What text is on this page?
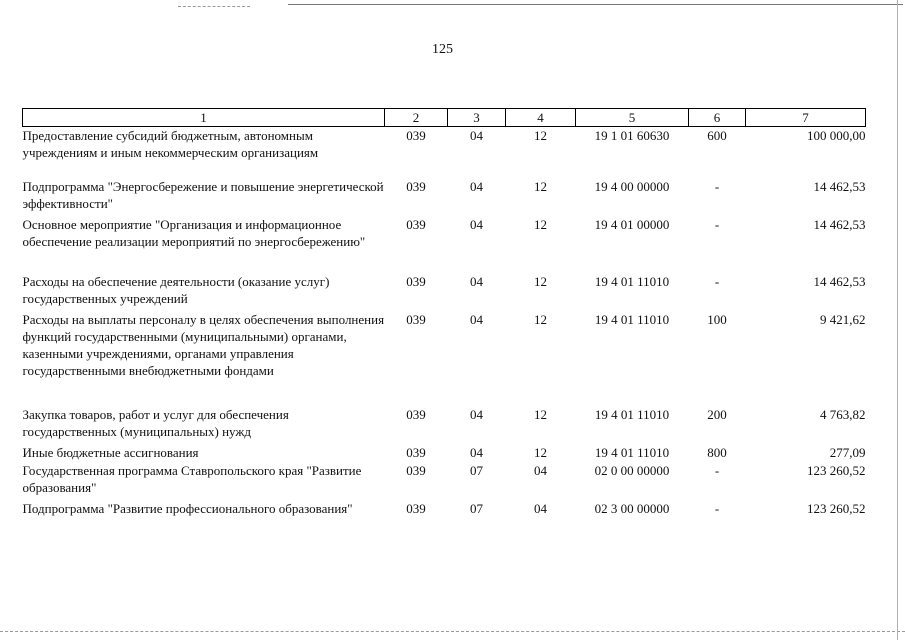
125
1	2	3	4	5	6	7
Предоставление субсидий бюджетным, автономным учреждениям и иным некоммерческим организациям	039	04	12	19 1 01 60630	600	100 000,00
Подпрограмма "Энергосбережение и повышение энергетической эффективности"	039	04	12	19 4 00 00000	-	14 462,53
Основное мероприятие "Организация и информационное обеспечение реализации мероприятий по энергосбережению"	039	04	12	19 4 01 00000	-	14 462,53
Расходы на обеспечение деятельности (оказание услуг) государственных учреждений	039	04	12	19 4 01 11010	-	14 462,53
Расходы на выплаты персоналу в целях обеспечения выполнения функций государственными (муниципальными) органами, казенными учреждениями, органами управления государственными внебюджетными фондами	039	04	12	19 4 01 11010	100	9 421,62
Закупка товаров, работ и услуг для обеспечения государственных (муниципальных) нужд	039	04	12	19 4 01 11010	200	4 763,82
Иные бюджетные ассигнования	039	04	12	19 4 01 11010	800	277,09
Государственная программа Ставропольского края "Развитие образования"	039	07	04	02 0 00 00000	-	123 260,52
Подпрограмма "Развитие профессионального образования"	039	07	04	02 3 00 00000	-	123 260,52
